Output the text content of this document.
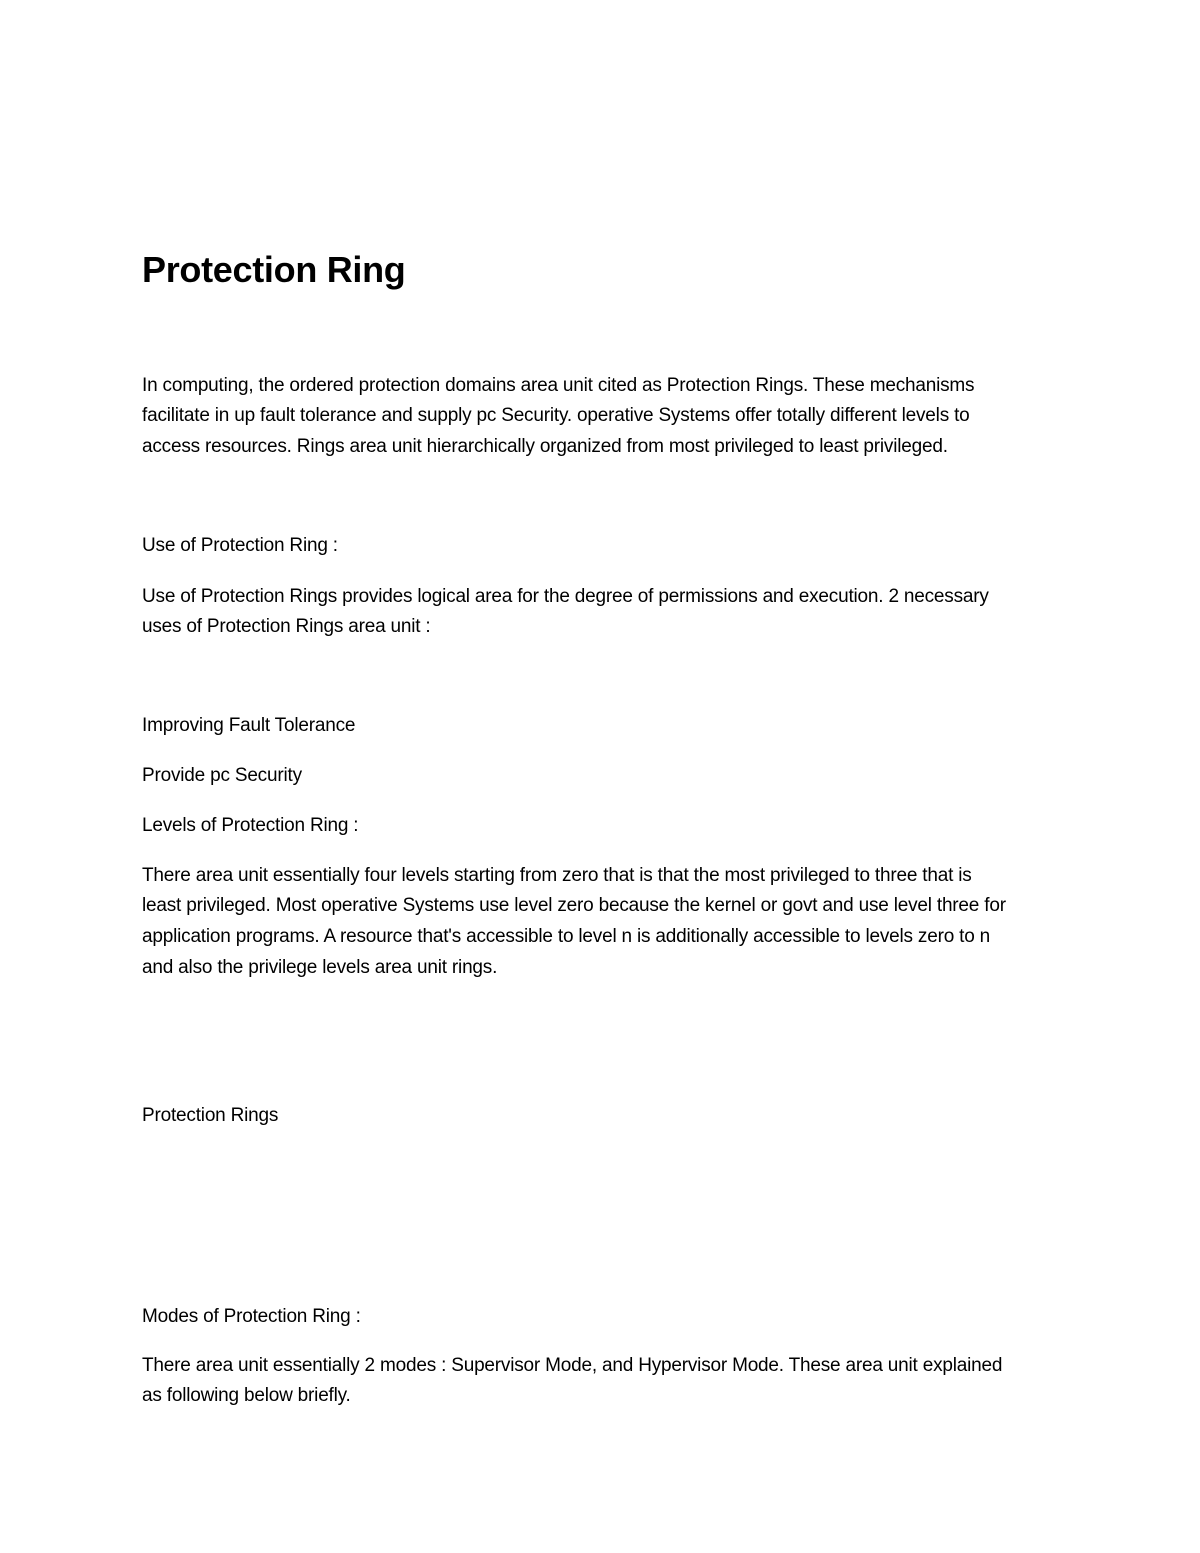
Protection Ring
In computing, the ordered protection domains area unit cited as Protection Rings. These mechanisms
facilitate in up fault tolerance and supply pc Security. operative Systems offer totally different levels to
access resources. Rings area unit hierarchically organized from most privileged to least privileged.
Use of Protection Ring :
Use of Protection Rings provides logical area for the degree of permissions and execution. 2 necessary
uses of Protection Rings area unit :
Improving Fault Tolerance
Provide pc Security
Levels of Protection Ring :
There area unit essentially four levels starting from zero that is that the most privileged to three that is
least privileged. Most operative Systems use level zero because the kernel or govt and use level three for
application programs. A resource that's accessible to level n is additionally accessible to levels zero to n
and also the privilege levels area unit rings.
Protection Rings
Modes of Protection Ring :
There area unit essentially 2 modes : Supervisor Mode, and Hypervisor Mode. These area unit explained
as following below briefly.
